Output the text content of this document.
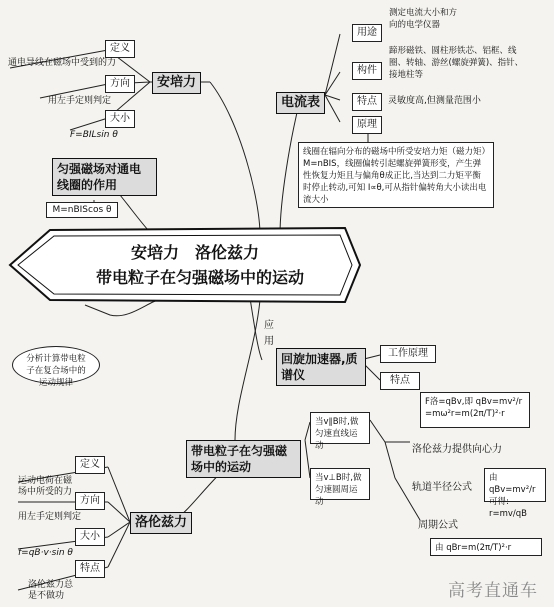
安培力　洛伦兹力
带电粒子在匀强磁场中的运动
安培力
定义
通电导线在磁场中受到的力
方向
用左手定则判定
大小
F=BILsin θ
匀强磁场对通电线圈的作用
M=nBIScos θ
电流表
用途
测定电流大小和方向的电学仪器
构件
蹄形磁铁、圆柱形铁芯、铝框、线圈、转轴、游丝(螺旋弹簧)、指针、接地柱等
特点	灵敏度高,但测量范围小
原理
线圈在辐向分布的磁场中所受安培力矩（磁力矩）M=nBIS，线圈偏转引起螺旋弹簧形变，产生弹性恢复力矩且与偏角θ成正比,当达到二力矩平衡时停止转动,可知 I∝θ,可从指针偏转角大小读出电流大小
应用
回旋加速器,质谱仪
工作原理
特点
分析计算带电粒子在复合场中的运动规律
带电粒子在匀强磁场中的运动
当v∥B时,做匀速直线运动
当v⊥B时,做匀速圆周运动
F洛=qBv,即 qBv=mv²/r
=mω²r=m(2π/T)²·r
洛伦兹力提供向心力
轨道半径公式
由 qBv=mv²/r
可得: r=mv/qB
周期公式
由 qBr=m(2π/T)²·r
洛伦兹力
定义
运动电荷在磁场中所受的力
方向
用左手定则判定
大小
f=qB·v·sin θ
特点
洛伦兹力总是不做功	高考直通车
